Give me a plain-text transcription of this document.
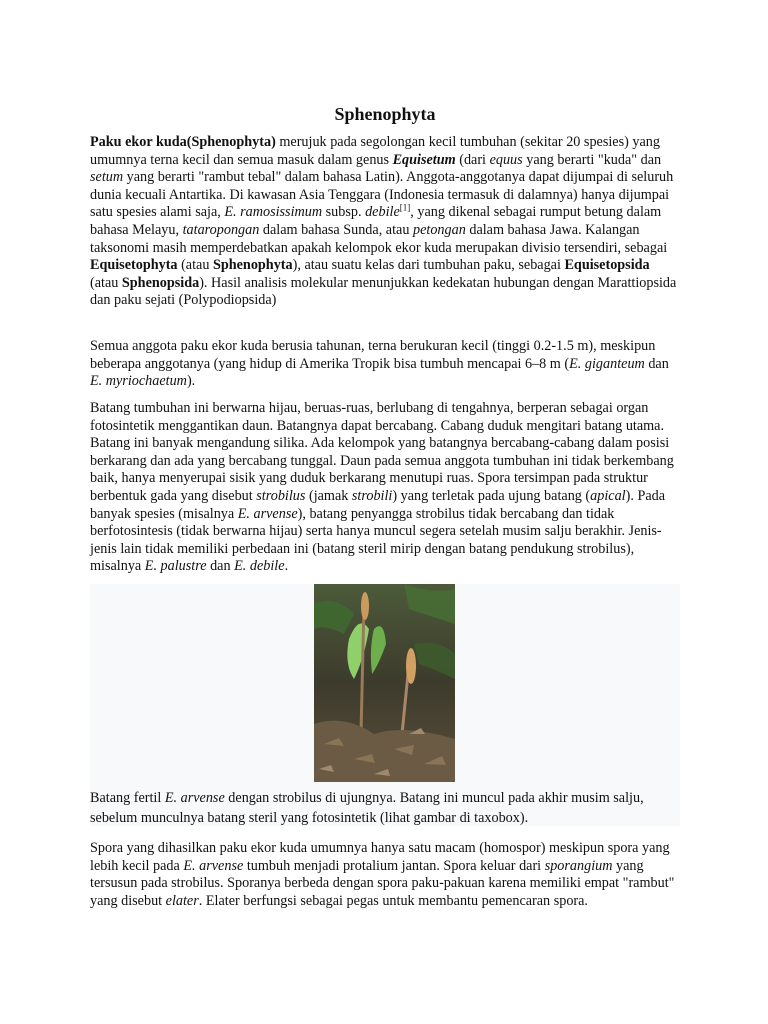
Sphenophyta

Paku ekor kuda(Sphenophyta) merujuk pada segolongan kecil tumbuhan (sekitar 20 spesies) yang umumnya terna kecil dan semua masuk dalam genus Equisetum (dari equus yang berarti "kuda" dan setum yang berarti "rambut tebal" dalam bahasa Latin). Anggota-anggotanya dapat dijumpai di seluruh dunia kecuali Antartika. Di kawasan Asia Tenggara (Indonesia termasuk di dalamnya) hanya dijumpai satu spesies alami saja, E. ramosissimum subsp. debile[1], yang dikenal sebagai rumput betung dalam bahasa Melayu, tataropongan dalam bahasa Sunda, atau petongan dalam bahasa Jawa. Kalangan taksonomi masih memperdebatkan apakah kelompok ekor kuda merupakan divisio tersendiri, sebagai Equisetophyta (atau Sphenophyta), atau suatu kelas dari tumbuhan paku, sebagai Equisetopsida (atau Sphenopsida). Hasil analisis molekular menunjukkan kedekatan hubungan dengan Marattiopsida dan paku sejati (Polypodiopsida)

Semua anggota paku ekor kuda berusia tahunan, terna berukuran kecil (tinggi 0.2-1.5 m), meskipun beberapa anggotanya (yang hidup di Amerika Tropik bisa tumbuh mencapai 6–8 m (E. giganteum dan E. myriochaetum).

Batang tumbuhan ini berwarna hijau, beruas-ruas, berlubang di tengahnya, berperan sebagai organ fotosintetik menggantikan daun. Batangnya dapat bercabang. Cabang duduk mengitari batang utama. Batang ini banyak mengandung silika. Ada kelompok yang batangnya bercabang-cabang dalam posisi berkarang dan ada yang bercabang tunggal. Daun pada semua anggota tumbuhan ini tidak berkembang baik, hanya menyerupai sisik yang duduk berkarang menutupi ruas. Spora tersimpan pada struktur berbentuk gada yang disebut strobilus (jamak strobili) yang terletak pada ujung batang (apical). Pada banyak spesies (misalnya E. arvense), batang penyangga strobilus tidak bercabang dan tidak berfotosintesis (tidak berwarna hijau) serta hanya muncul segera setelah musim salju berakhir. Jenis-jenis lain tidak memiliki perbedaan ini (batang steril mirip dengan batang pendukung strobilus), misalnya E. palustre dan E. debile.

Batang fertil E. arvense dengan strobilus di ujungnya. Batang ini muncul pada akhir musim salju, sebelum munculnya batang steril yang fotosintetik (lihat gambar di taxobox).

Spora yang dihasilkan paku ekor kuda umumnya hanya satu macam (homospor) meskipun spora yang lebih kecil pada E. arvense tumbuh menjadi protalium jantan. Spora keluar dari sporangium yang tersusun pada strobilus. Sporanya berbeda dengan spora paku-pakuan karena memiliki empat "rambut" yang disebut elater. Elater berfungsi sebagai pegas untuk membantu pemencaran spora.
